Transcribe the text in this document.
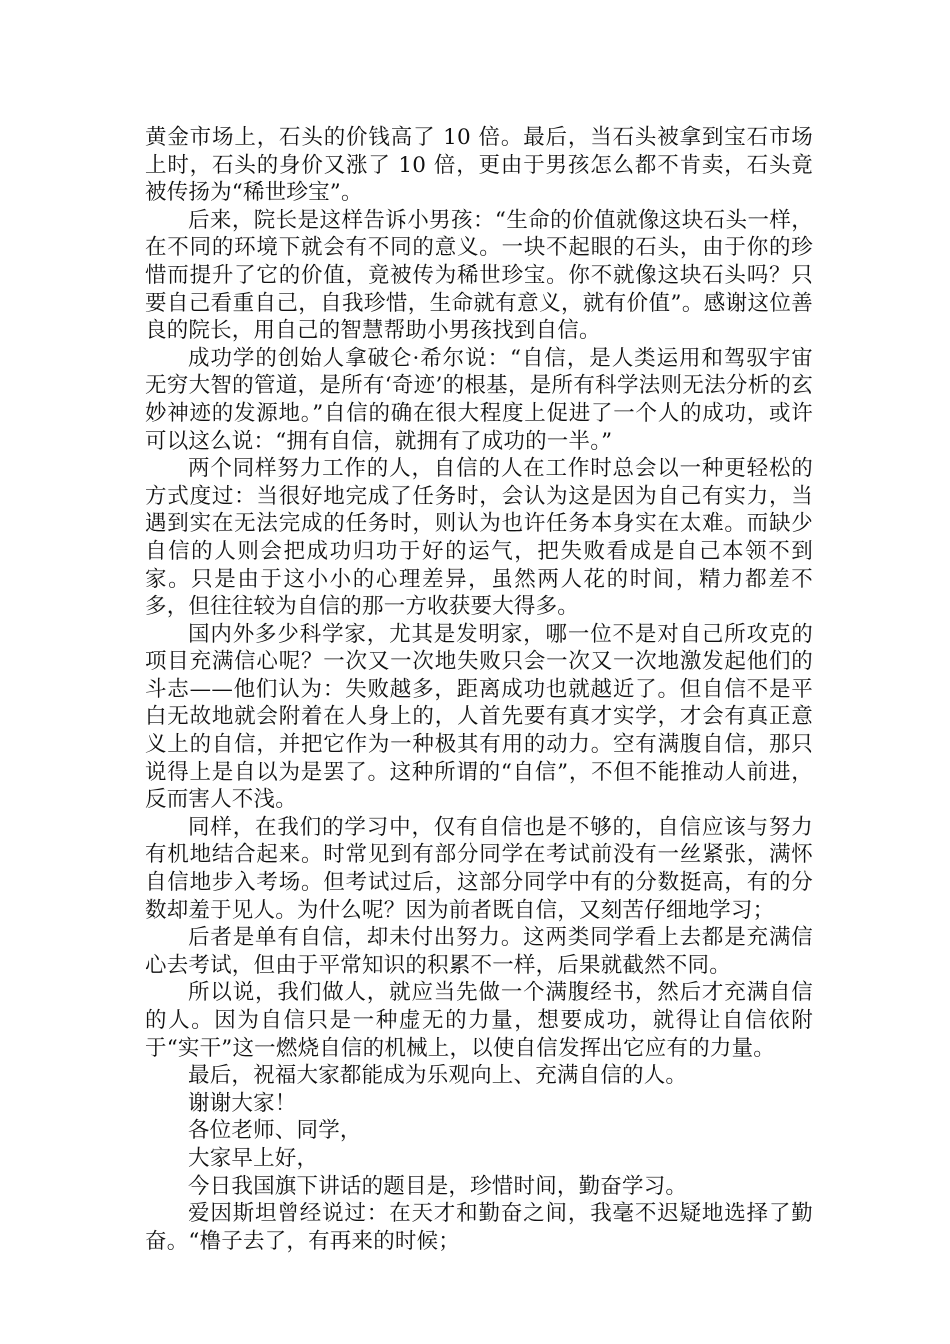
黄金市场上，石头的价钱高了 10 倍。最后，当石头被拿到宝石市场上时，石头的身价又涨了 10 倍，更由于男孩怎么都不肯卖，石头竟被传扬为“稀世珍宝”。

后来，院长是这样告诉小男孩：“生命的价值就像这块石头一样，在不同的环境下就会有不同的意义。一块不起眼的石头，由于你的珍惜而提升了它的价值，竟被传为稀世珍宝。你不就像这块石头吗？只要自己看重自己，自我珍惜，生命就有意义，就有价值”。感谢这位善良的院长，用自己的智慧帮助小男孩找到自信。

成功学的创始人拿破仑·希尔说：“自信，是人类运用和驾驭宇宙无穷大智的管道，是所有‘奇迹’的根基，是所有科学法则无法分析的玄妙神迹的发源地。”自信的确在很大程度上促进了一个人的成功，或许可以这么说：“拥有自信，就拥有了成功的一半。”

两个同样努力工作的人，自信的人在工作时总会以一种更轻松的方式度过：当很好地完成了任务时，会认为这是因为自己有实力，当遇到实在无法完成的任务时，则认为也许任务本身实在太难。而缺少自信的人则会把成功归功于好的运气，把失败看成是自己本领不到家。只是由于这小小的心理差异，虽然两人花的时间，精力都差不多，但往往较为自信的那一方收获要大得多。

国内外多少科学家，尤其是发明家，哪一位不是对自己所攻克的项目充满信心呢？一次又一次地失败只会一次又一次地激发起他们的斗志——他们认为：失败越多，距离成功也就越近了。但自信不是平白无故地就会附着在人身上的，人首先要有真才实学，才会有真正意义上的自信，并把它作为一种极其有用的动力。空有满腹自信，那只说得上是自以为是罢了。这种所谓的“自信”，不但不能推动人前进，反而害人不浅。

同样，在我们的学习中，仅有自信也是不够的，自信应该与努力有机地结合起来。时常见到有部分同学在考试前没有一丝紧张，满怀自信地步入考场。但考试过后，这部分同学中有的分数挺高，有的分数却羞于见人。为什么呢？因为前者既自信，又刻苦仔细地学习；

后者是单有自信，却未付出努力。这两类同学看上去都是充满信心去考试，但由于平常知识的积累不一样，后果就截然不同。

所以说，我们做人，就应当先做一个满腹经书，然后才充满自信的人。因为自信只是一种虚无的力量，想要成功，就得让自信依附于“实干”这一燃烧自信的机械上，以使自信发挥出它应有的力量。

最后，祝福大家都能成为乐观向上、充满自信的人。

谢谢大家！

各位老师、同学，

大家早上好，

今日我国旗下讲话的题目是，珍惜时间，勤奋学习。

爱因斯坦曾经说过：在天才和勤奋之间，我毫不迟疑地选择了勤奋。“橹子去了，有再来的时候；
